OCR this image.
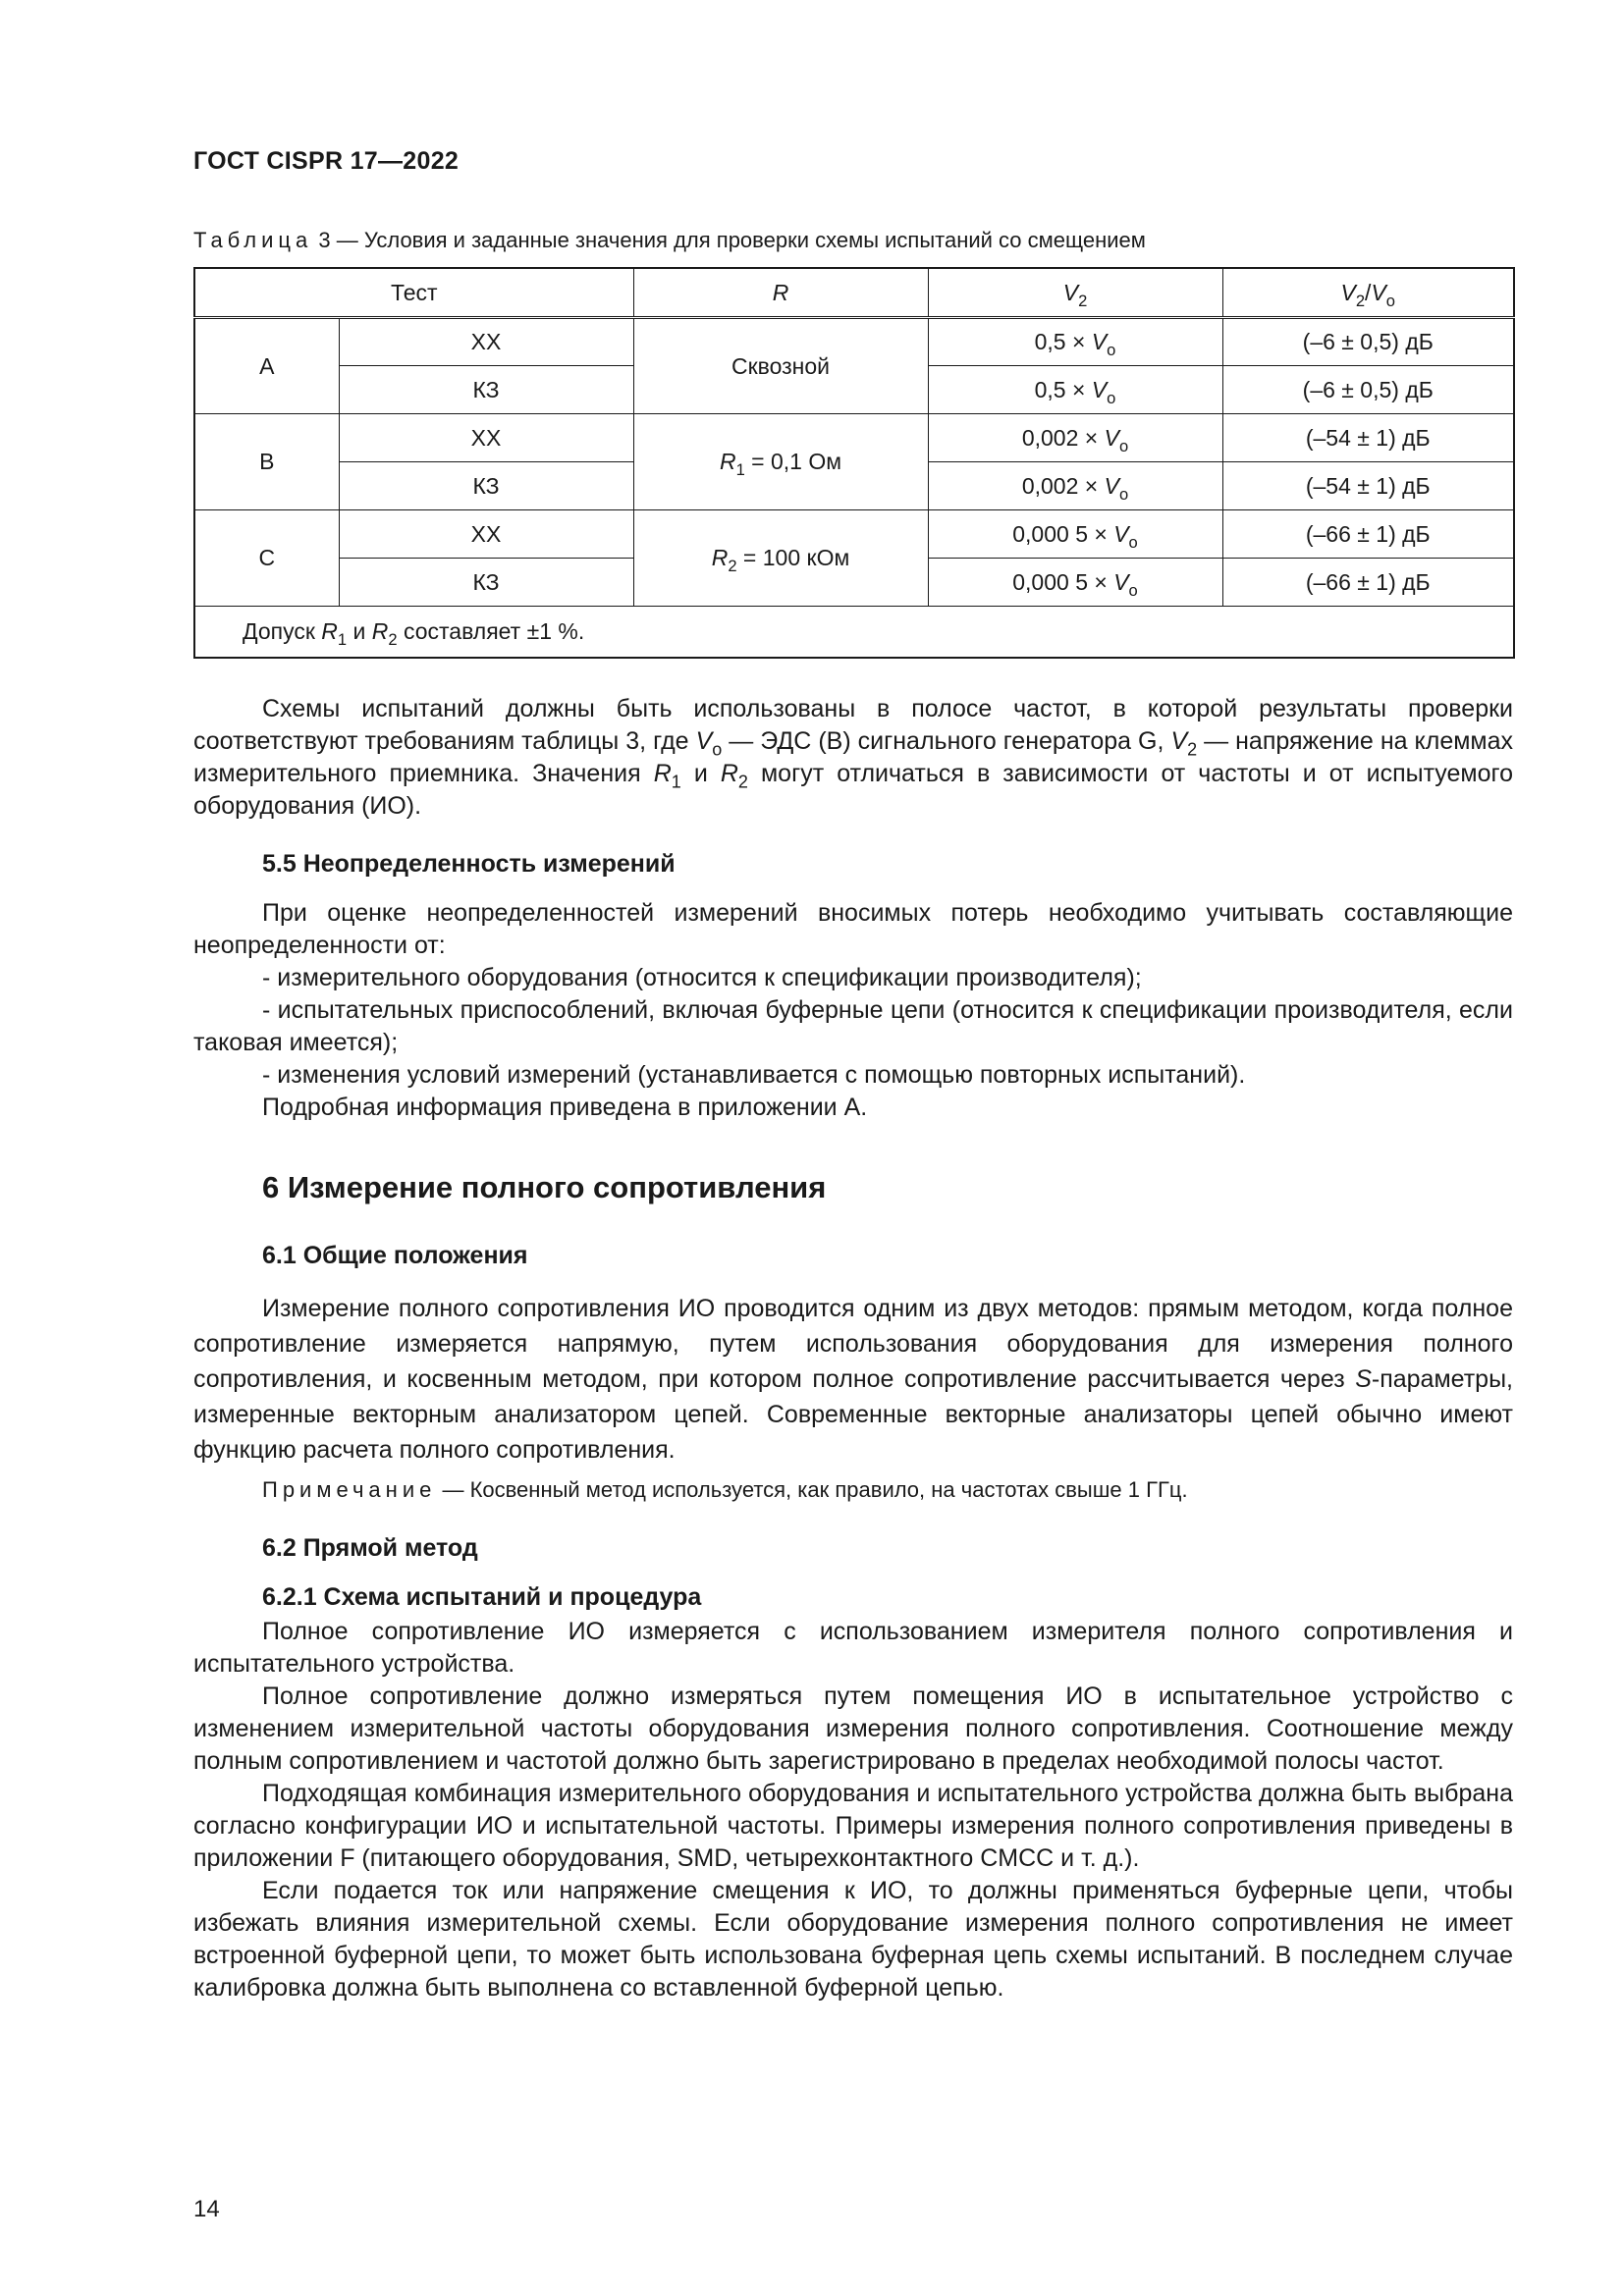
ГОСТ CISPR 17—2022
Таблица 3 — Условия и заданные значения для проверки схемы испытаний со смещением
Тест		R	$V_2$	$V_2/V_o$
A	ХХ	Сквозной	$0,5 \times V_o$	(–6 ± 0,5) дБ
	КЗ		$0,5 \times V_o$	(–6 ± 0,5) дБ
B	ХХ	$R_1 = 0,1$ Ом	$0,002 \times V_o$	(–54 ± 1) дБ
	КЗ		$0,002 \times V_o$	(–54 ± 1) дБ
C	ХХ	$R_2 = 100$ кОм	0,000 $5 \times V_o$	(–66 ± 1) дБ
	КЗ		0,000 $5 \times V_o$	(–66 ± 1) дБ
Допуск $R_1$ и $R_2$ составляет ±1 %.				

Схемы испытаний должны быть использованы в полосе частот, в которой результаты проверки соответствуют требованиям таблицы 3, где $V_o$ — ЭДС (В) сигнального генератора G, $V_2$ — напряжение на клеммах измерительного приемника. Значения $R_1$ и $R_2$ могут отличаться в зависимости от частоты и от испытуемого оборудования (ИО).

5.5 Неопределенность измерений

При оценке неопределенностей измерений вносимых потерь необходимо учитывать составляющие неопределенности от:

- измерительного оборудования (относится к спецификации производителя);

- испытательных приспособлений, включая буферные цепи (относится к спецификации производителя, если таковая имеется);

- изменения условий измерений (устанавливается с помощью повторных испытаний).

Подробная информация приведена в приложении А.

6 Измерение полного сопротивления
6.1 Общие положения

Измерение полного сопротивления ИО проводится одним из двух методов: прямым методом, когда полное сопротивление измеряется напрямую, путем использования оборудования для измерения полного сопротивления, и косвенным методом, при котором полное сопротивление рассчитывается через S-параметры, измеренные векторным анализатором цепей. Современные векторные анализаторы цепей обычно имеют функцию расчета полного сопротивления.

Примечание — Косвенный метод используется, как правило, на частотах свыше 1 ГГц.
6.2 Прямой метод
6.2.1 Схема испытаний и процедура

Полное сопротивление ИО измеряется с использованием измерителя полного сопротивления и испытательного устройства.

Полное сопротивление должно измеряться путем помещения ИО в испытательное устройство с изменением измерительной частоты оборудования измерения полного сопротивления. Соотношение между полным сопротивлением и частотой должно быть зарегистрировано в пределах необходимой полосы частот.

Подходящая комбинация измерительного оборудования и испытательного устройства должна быть выбрана согласно конфигурации ИО и испытательной частоты. Примеры измерения полного сопротивления приведены в приложении F (питающего оборудования, SMD, четырехконтактного CMCC и т. д.).

Если подается ток или напряжение смещения к ИО, то должны применяться буферные цепи, чтобы избежать влияния измерительной схемы. Если оборудование измерения полного сопротивления не имеет встроенной буферной цепи, то может быть использована буферная цепь схемы испытаний. В последнем случае калибровка должна быть выполнена со вставленной буферной цепью.

14
